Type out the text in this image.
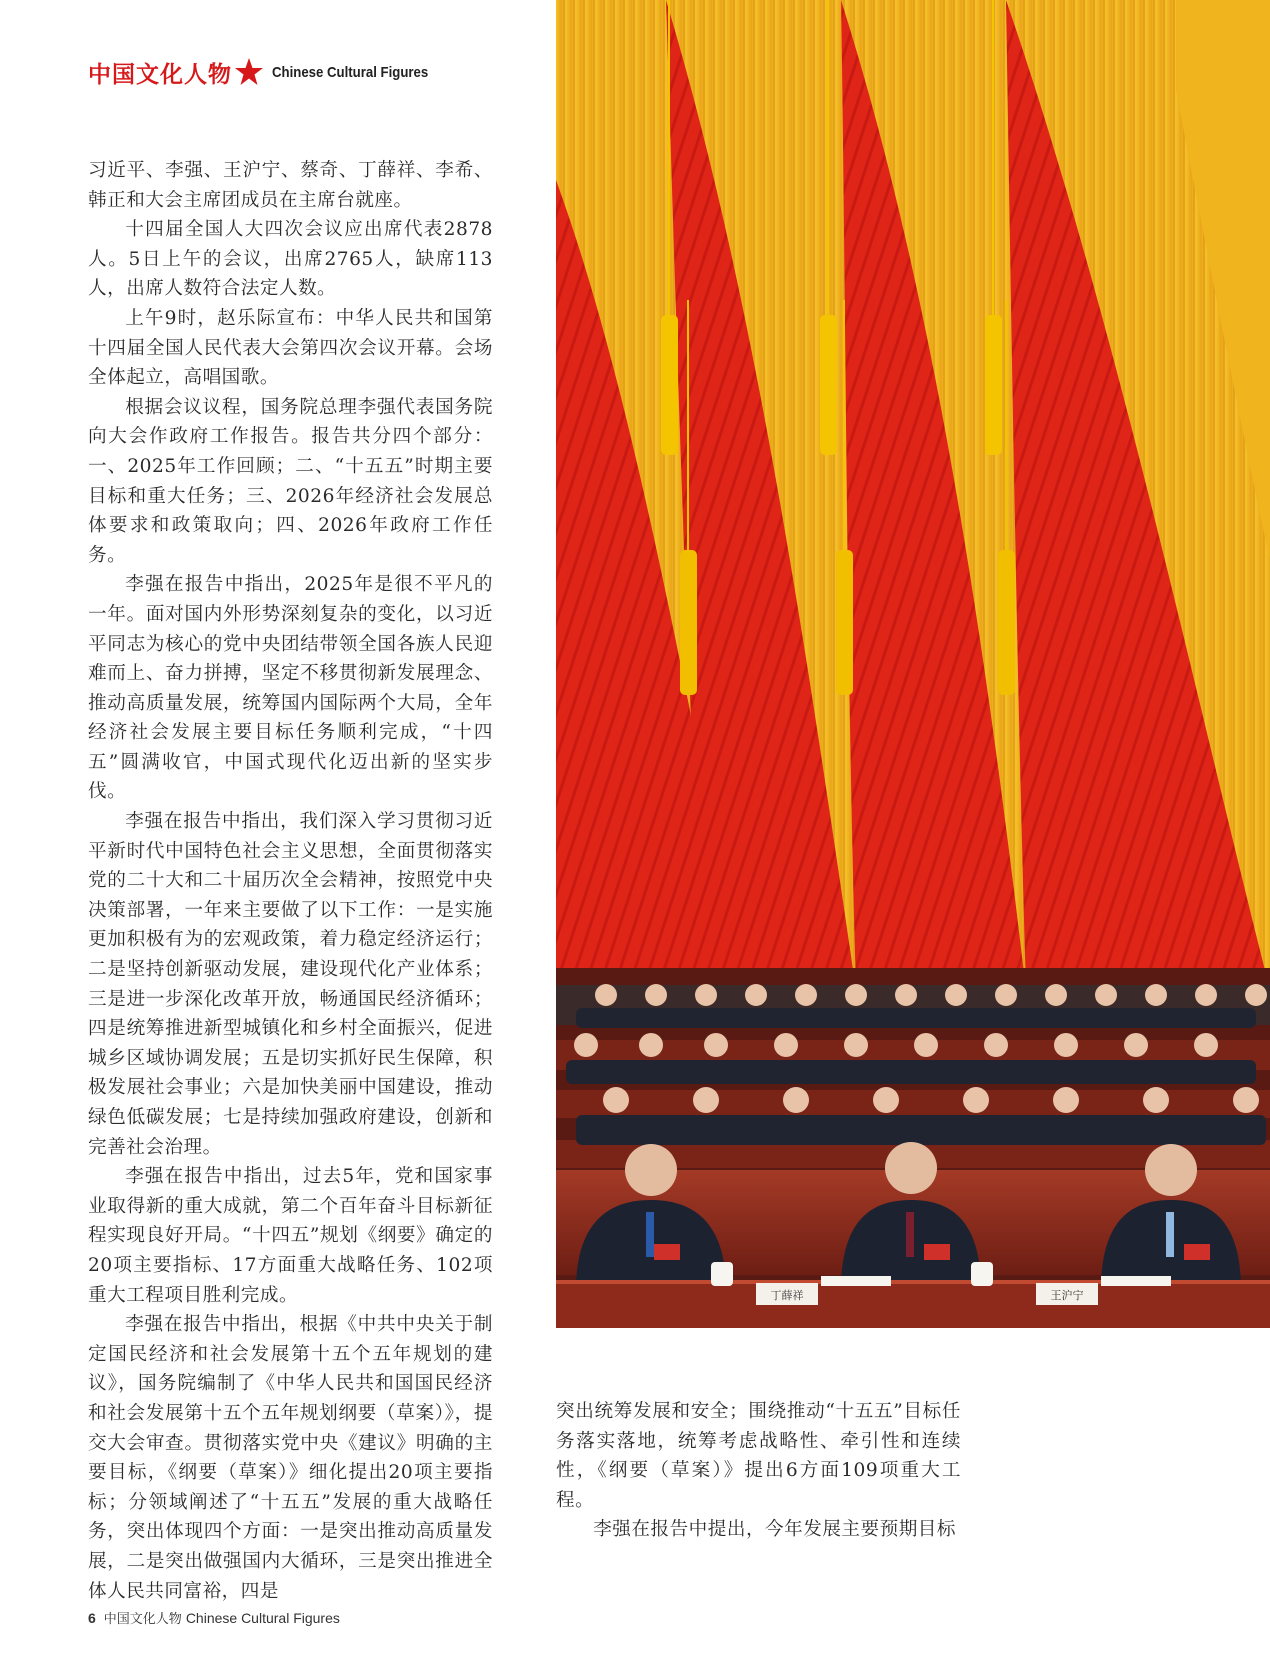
中国文化人物	Chinese Cultural Figures

习近平、李强、王沪宁、蔡奇、丁薛祥、李希、韩正和大会主席团成员在主席台就座。

十四届全国人大四次会议应出席代表2878人。5日上午的会议，出席2765人，缺席113人，出席人数符合法定人数。

上午9时，赵乐际宣布：中华人民共和国第十四届全国人民代表大会第四次会议开幕。会场全体起立，高唱国歌。

根据会议议程，国务院总理李强代表国务院向大会作政府工作报告。报告共分四个部分：一、2025年工作回顾；二、“十五五”时期主要目标和重大任务；三、2026年经济社会发展总体要求和政策取向；四、2026年政府工作任务。

李强在报告中指出，2025年是很不平凡的一年。面对国内外形势深刻复杂的变化，以习近平同志为核心的党中央团结带领全国各族人民迎难而上、奋力拼搏，坚定不移贯彻新发展理念、推动高质量发展，统筹国内国际两个大局，全年经济社会发展主要目标任务顺利完成，“十四五”圆满收官，中国式现代化迈出新的坚实步伐。

李强在报告中指出，我们深入学习贯彻习近平新时代中国特色社会主义思想，全面贯彻落实党的二十大和二十届历次全会精神，按照党中央决策部署，一年来主要做了以下工作：一是实施更加积极有为的宏观政策，着力稳定经济运行；二是坚持创新驱动发展，建设现代化产业体系；三是进一步深化改革开放，畅通国民经济循环；四是统筹推进新型城镇化和乡村全面振兴，促进城乡区域协调发展；五是切实抓好民生保障，积极发展社会事业；六是加快美丽中国建设，推动绿色低碳发展；七是持续加强政府建设，创新和完善社会治理。

李强在报告中指出，过去5年，党和国家事业取得新的重大成就，第二个百年奋斗目标新征程实现良好开局。“十四五”规划《纲要》确定的20项主要指标、17方面重大战略任务、102项重大工程项目胜利完成。

李强在报告中指出，根据《中共中央关于制定国民经济和社会发展第十五个五年规划的建议》，国务院编制了《中华人民共和国国民经济和社会发展第十五个五年规划纲要（草案）》，提交大会审查。贯彻落实党中央《建议》明确的主要目标，《纲要（草案）》细化提出20项主要指标；分领域阐述了“十五五”发展的重大战略任务，突出体现四个方面：一是突出推动高质量发展，二是突出做强国内大循环，三是突出推进全体人民共同富裕，四是

丁薛祥	王沪宁

突出统筹发展和安全；围绕推动“十五五”目标任务落实落地，统筹考虑战略性、牵引性和连续性，《纲要（草案）》提出6方面109项重大工程。

李强在报告中提出，今年发展主要预期目标

6 中国文化人物 Chinese Cultural Figures
